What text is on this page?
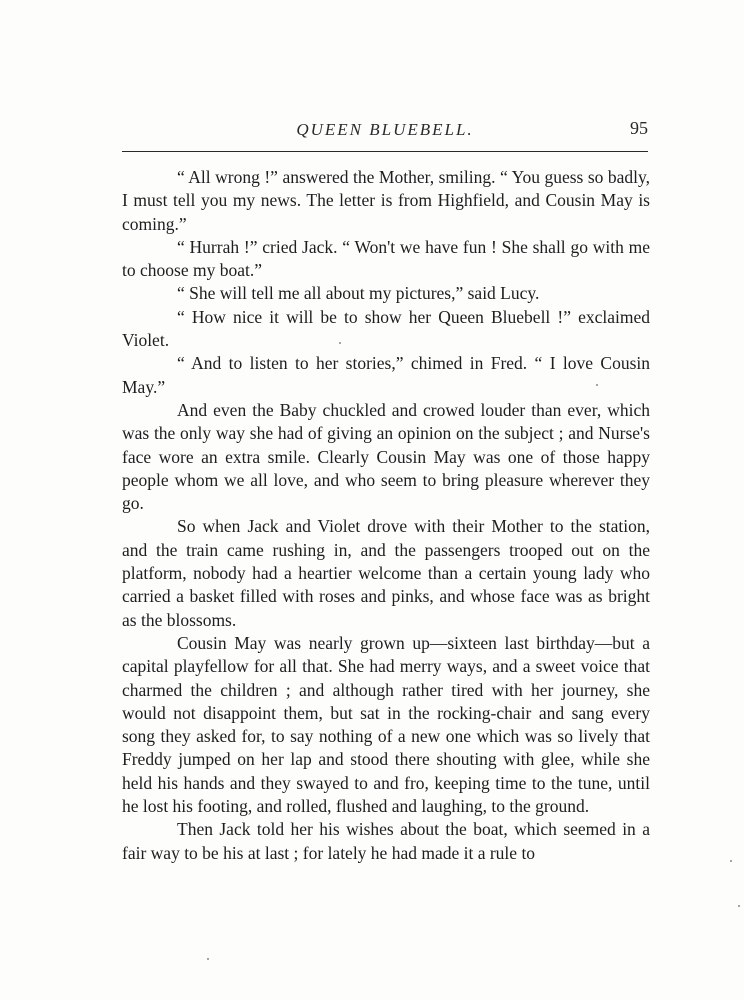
QUEEN BLUEBELL.	95

“ All wrong !” answered the Mother, smiling. “ You guess so badly, I must tell you my news. The letter is from Highfield, and Cousin May is coming.”

“ Hurrah !” cried Jack. “ Won't we have fun ! She shall go with me to choose my boat.”

“ She will tell me all about my pictures,” said Lucy.

“ How nice it will be to show her Queen Bluebell !” exclaimed Violet.

“ And to listen to her stories,” chimed in Fred. “ I love Cousin May.”

And even the Baby chuckled and crowed louder than ever, which was the only way she had of giving an opinion on the subject ; and Nurse's face wore an extra smile. Clearly Cousin May was one of those happy people whom we all love, and who seem to bring pleasure wherever they go.

So when Jack and Violet drove with their Mother to the station, and the train came rushing in, and the passengers trooped out on the platform, nobody had a heartier welcome than a certain young lady who carried a basket filled with roses and pinks, and whose face was as bright as the blossoms.

Cousin May was nearly grown up—sixteen last birthday—but a capital playfellow for all that. She had merry ways, and a sweet voice that charmed the children ; and although rather tired with her journey, she would not disappoint them, but sat in the rocking-chair and sang every song they asked for, to say nothing of a new one which was so lively that Freddy jumped on her lap and stood there shouting with glee, while she held his hands and they swayed to and fro, keeping time to the tune, until he lost his footing, and rolled, flushed and laughing, to the ground.

Then Jack told her his wishes about the boat, which seemed in a fair way to be his at last ; for lately he had made it a rule to
